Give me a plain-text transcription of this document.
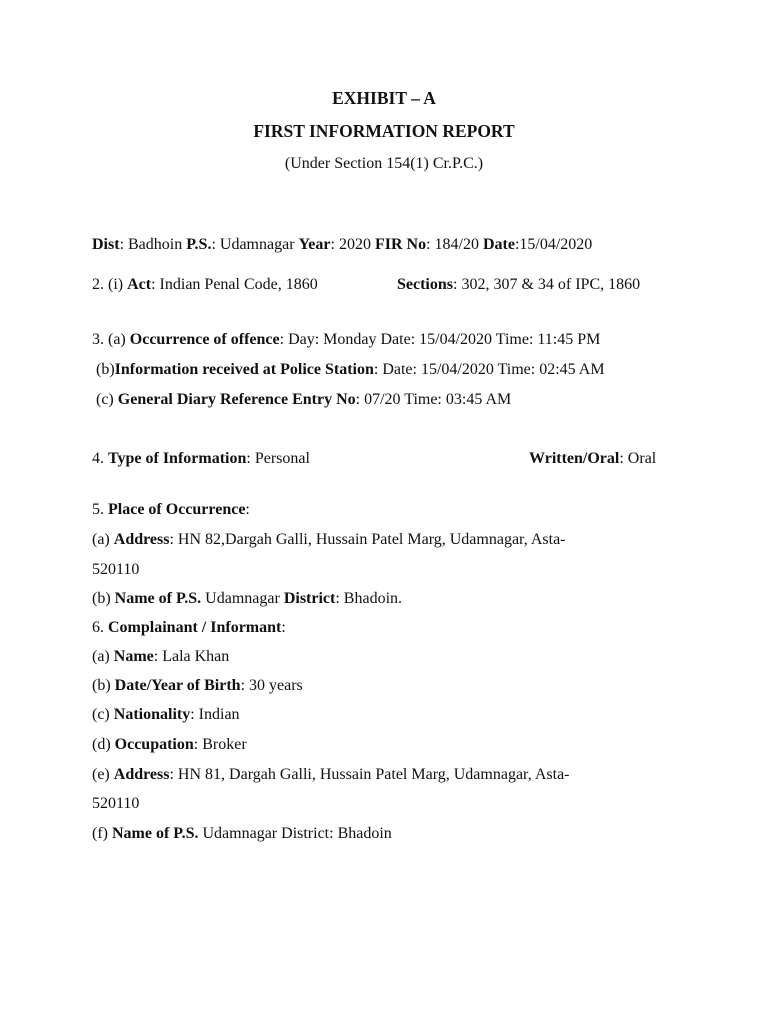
EXHIBIT – A
FIRST INFORMATION REPORT
(Under Section 154(1) Cr.P.C.)
Dist: Badhoin P.S.: Udamnagar Year: 2020 FIR No: 184/20 Date:15/04/2020
2. (i) Act: Indian Penal Code, 1860	Sections: 302, 307 & 34 of IPC, 1860
3. (a) Occurrence of offence: Day: Monday Date: 15/04/2020 Time: 11:45 PM
(b)Information received at Police Station: Date: 15/04/2020 Time: 02:45 AM
(c) General Diary Reference Entry No: 07/20 Time: 03:45 AM
4. Type of Information: Personal	Written/Oral: Oral
5. Place of Occurrence:
(a) Address: HN 82,Dargah Galli, Hussain Patel Marg, Udamnagar, Asta-
520110
(b) Name of P.S. Udamnagar District: Bhadoin.
6. Complainant / Informant:
(a) Name: Lala Khan
(b) Date/Year of Birth: 30 years
(c) Nationality: Indian
(d) Occupation: Broker
(e) Address: HN 81, Dargah Galli, Hussain Patel Marg, Udamnagar, Asta-
520110
(f) Name of P.S. Udamnagar District: Bhadoin
